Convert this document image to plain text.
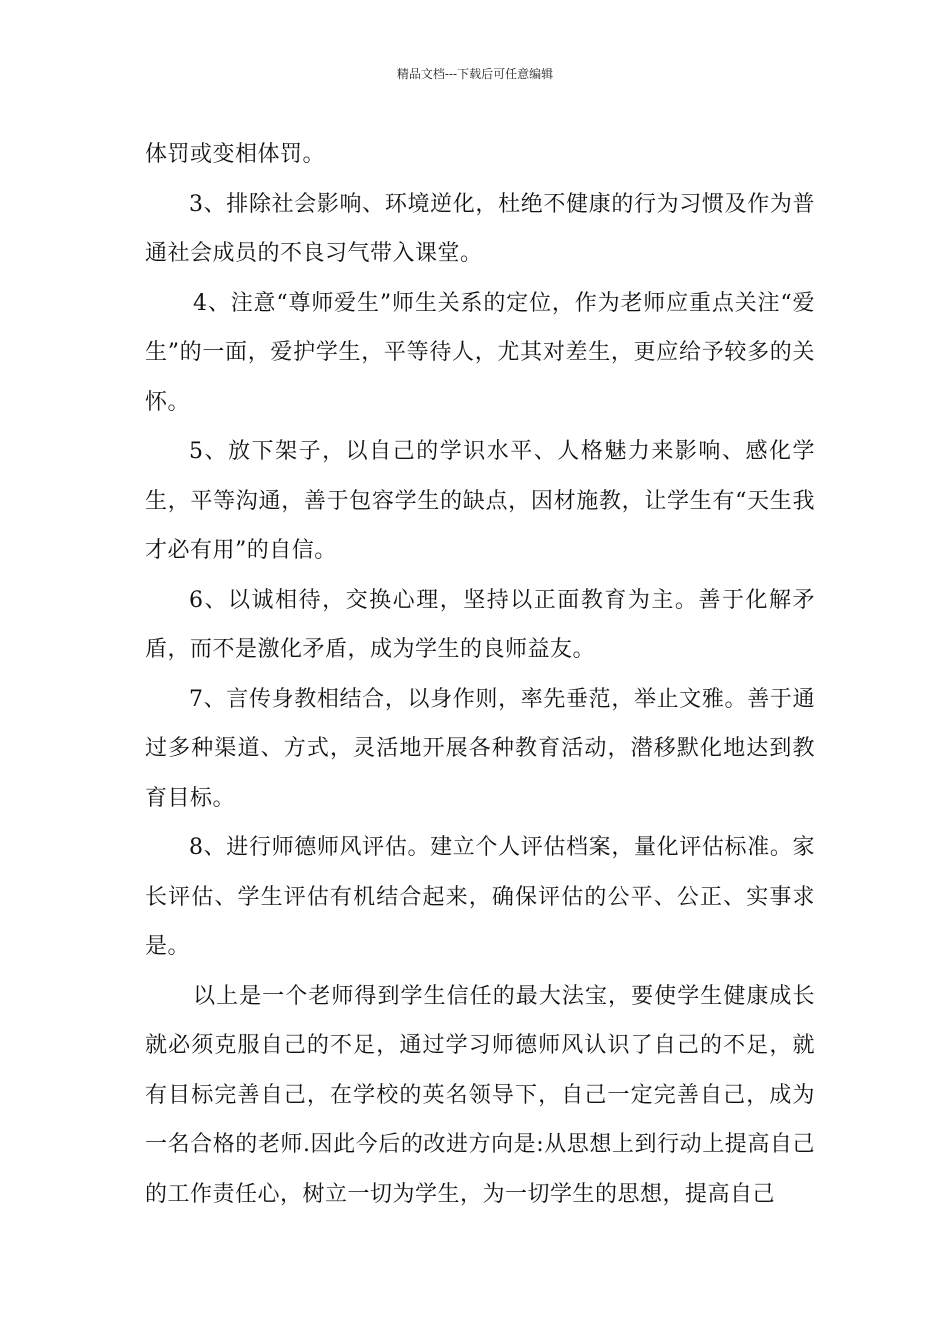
精品文档---下载后可任意编辑

体罚或变相体罚。

3、排除社会影响、环境逆化，杜绝不健康的行为习惯及作为普通社会成员的不良习气带入课堂。

4、注意“尊师爱生”师生关系的定位，作为老师应重点关注“爱生”的一面，爱护学生，平等待人，尤其对差生，更应给予较多的关怀。

5、放下架子，以自己的学识水平、人格魅力来影响、感化学生，平等沟通，善于包容学生的缺点，因材施教，让学生有“天生我才必有用”的自信。

6、以诚相待，交换心理，坚持以正面教育为主。善于化解矛盾，而不是激化矛盾，成为学生的良师益友。

7、言传身教相结合，以身作则，率先垂范，举止文雅。善于通过多种渠道、方式，灵活地开展各种教育活动，潜移默化地达到教育目标。

8、进行师德师风评估。建立个人评估档案，量化评估标准。家长评估、学生评估有机结合起来，确保评估的公平、公正、实事求是。

以上是一个老师得到学生信任的最大法宝，要使学生健康成长就必须克服自己的不足，通过学习师德师风认识了自己的不足，就有目标完善自己，在学校的英名领导下，自己一定完善自己，成为一名合格的老师.因此今后的改进方向是:从思想上到行动上提高自己的工作责任心，树立一切为学生，为一切学生的思想，提高自己
